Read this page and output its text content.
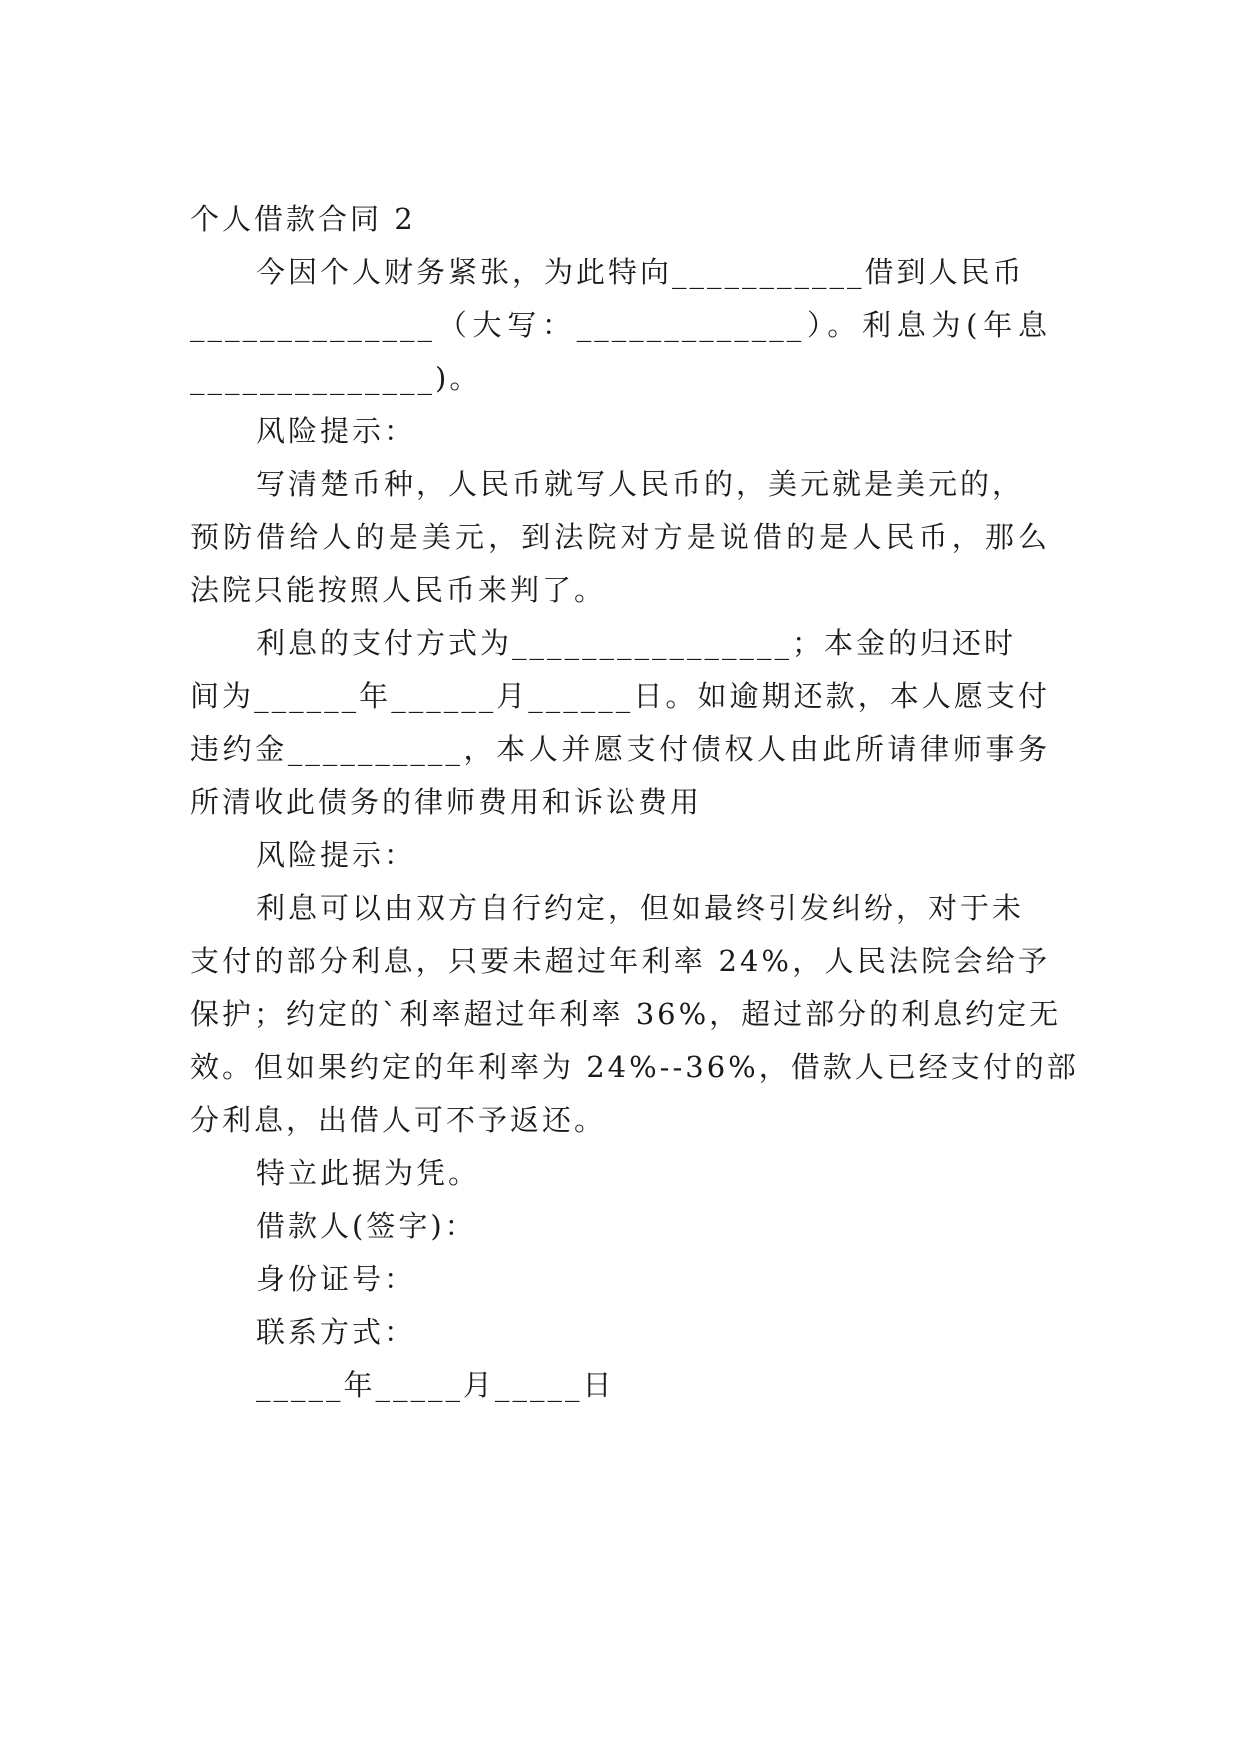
个人借款合同 2
今因个人财务紧张，为此特向___________借到人民币
______________（大写：_____________）。利息为(年息
______________)。
风险提示：
写清楚币种，人民币就写人民币的，美元就是美元的，
预防借给人的是美元，到法院对方是说借的是人民币，那么
法院只能按照人民币来判了。
利息的支付方式为________________；本金的归还时
间为______年______月______日。如逾期还款，本人愿支付
违约金__________，本人并愿支付债权人由此所请律师事务
所清收此债务的律师费用和诉讼费用
风险提示：
利息可以由双方自行约定，但如最终引发纠纷，对于未
支付的部分利息，只要未超过年利率 24%，人民法院会给予
保护；约定的`利率超过年利率 36%，超过部分的利息约定无
效。但如果约定的年利率为 24%--36%，借款人已经支付的部
分利息，出借人可不予返还。
特立此据为凭。
借款人(签字)：
身份证号：
联系方式：
_____年_____月_____日
